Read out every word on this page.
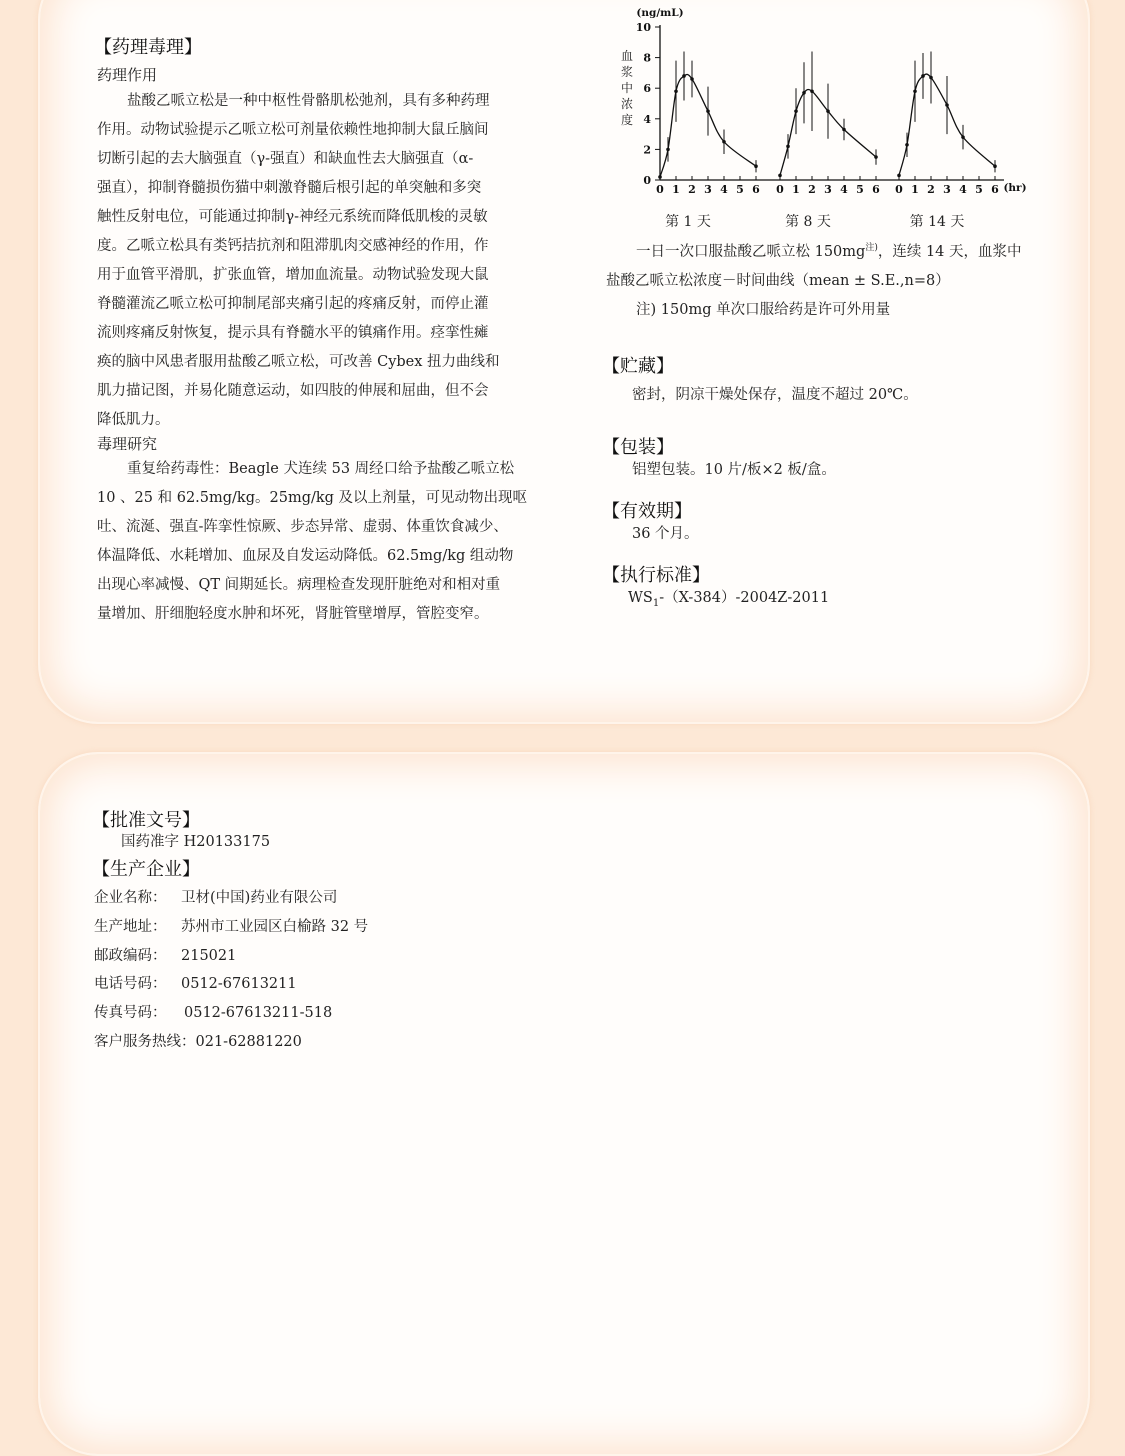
【药理毒理】
药理作用

盐酸乙哌立松是一种中枢性骨骼肌松弛剂，具有多种药理

作用。动物试验提示乙哌立松可剂量依赖性地抑制大鼠丘脑间

切断引起的去大脑强直（γ-强直）和缺血性去大脑强直（α-

强直），抑制脊髓损伤猫中刺激脊髓后根引起的单突触和多突

触性反射电位，可能通过抑制γ-神经元系统而降低肌梭的灵敏

度。乙哌立松具有类钙拮抗剂和阻滞肌肉交感神经的作用，作

用于血管平滑肌，扩张血管，增加血流量。动物试验发现大鼠

脊髓灌流乙哌立松可抑制尾部夹痛引起的疼痛反射，而停止灌

流则疼痛反射恢复，提示具有脊髓水平的镇痛作用。痉挛性瘫

痪的脑中风患者服用盐酸乙哌立松，可改善 Cybex 扭力曲线和

肌力描记图，并易化随意运动，如四肢的伸展和屈曲，但不会

降低肌力。

毒理研究

重复给药毒性：Beagle 犬连续 53 周经口给予盐酸乙哌立松

10 、25 和 62.5mg/kg。25mg/kg 及以上剂量，可见动物出现呕

吐、流涎、强直-阵挛性惊厥、步态异常、虚弱、体重饮食减少、

体温降低、水耗增加、血尿及自发运动降低。62.5mg/kg 组动物

出现心率减慢、QT 间期延长。病理检查发现肝脏绝对和相对重

量增加、肝细胞轻度水肿和坏死，肾脏管壁增厚，管腔变窄。

0
2
4
6
8
10
(ng/mL)
血
浆
中
浓
度
(hr)
0 1 2 3 4 5 6
第 1 天
0 1 2 3 4 5 6
第 8 天
0 1 2 3 4 5 6
第 14 天
一日一次口服盐酸乙哌立松 $150mg^{注)}$，连续 14 天，血浆中
盐酸乙哌立松浓度－时间曲线（mean ± S.E.,n=8）
注) 150mg 单次口服给药是许可外用量
【贮藏】
密封，阴凉干燥处保存，温度不超过 20℃。
【包装】
铝塑包装。10 片/板×2 板/盒。
【有效期】
36 个月。
【执行标准】
$WS_1-(X-384)-2004Z-2011$
【批准文号】
国药准字 H20133175
【生产企业】
企业名称： 卫材(中国)药业有限公司
生产地址： 苏州市工业园区白榆路 32 号
邮政编码： 215021
电话号码： 0512-67613211
传真号码： 0512-67613211-518
客户服务热线：021-62881220
